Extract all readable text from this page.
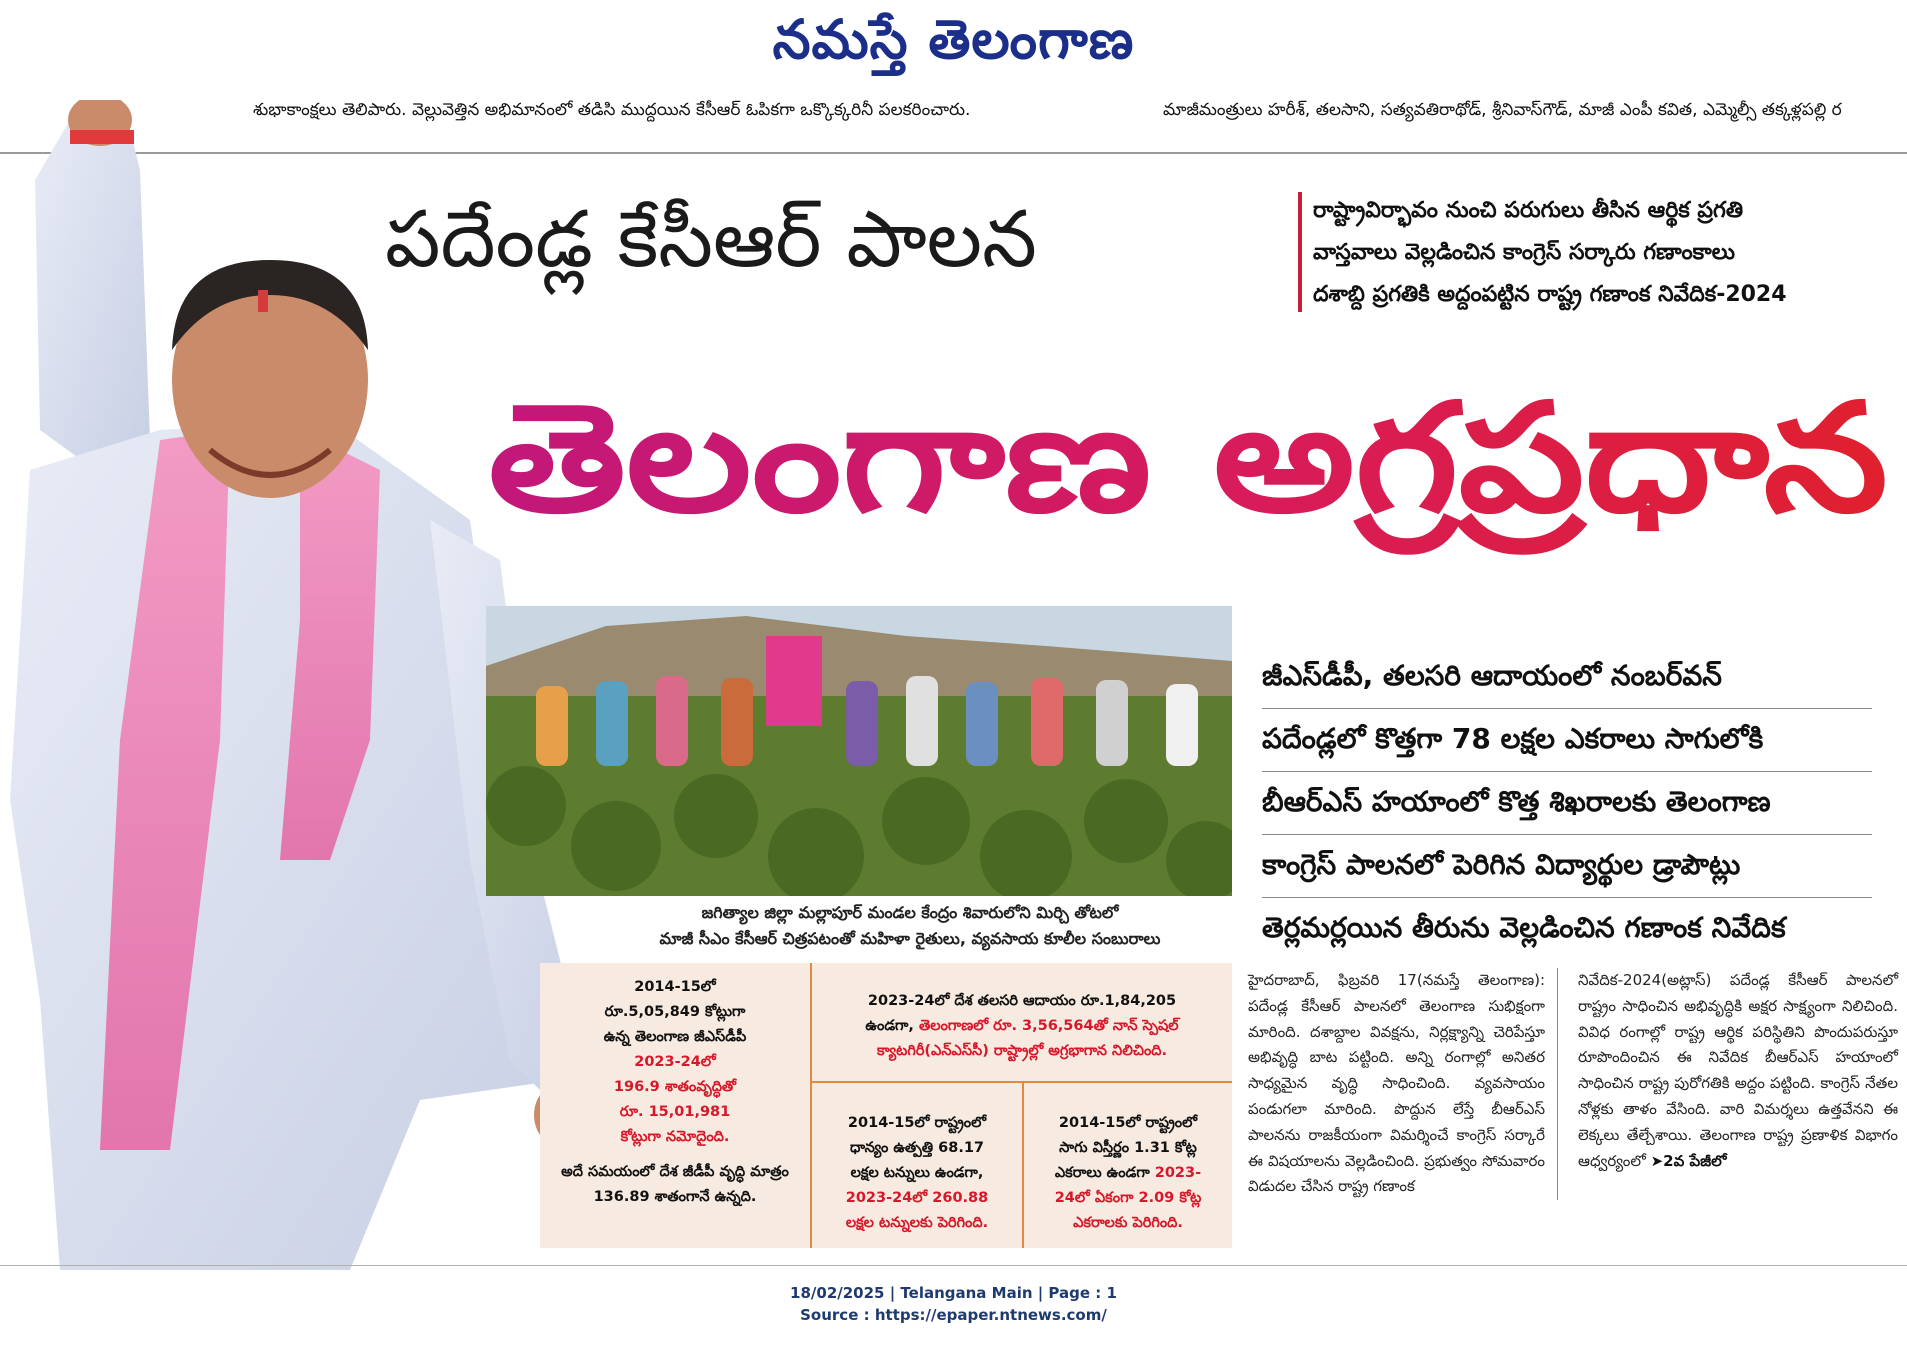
నమస్తే తెలంగాణ
శుభాకాంక్షలు తెలిపారు. వెల్లువెత్తిన అభిమానంలో తడిసి ముద్దయిన కేసీఆర్ ఓపికగా ఒక్కొక్కరినీ పలకరించారు.	మాజీమంత్రులు హరీశ్, తలసాని, సత్యవతిరాథోడ్, శ్రీనివాస్‌గౌడ్, మాజీ ఎంపీ కవిత, ఎమ్మెల్సీ తక్కళ్లపల్లి ర
పదేండ్ల కేసీఆర్ పాలన	రాష్ట్రావిర్భావం నుంచి పరుగులు తీసిన ఆర్థిక ప్రగతి
వాస్తవాలు వెల్లడించిన కాంగ్రెస్ సర్కారు గణాంకాలు
దశాబ్ది ప్రగతికి అద్దంపట్టిన రాష్ట్ర గణాంక నివేదిక-2024
తెలంగాణ అగ్రప్రధాన
జగిత్యాల జిల్లా మల్లాపూర్ మండల కేంద్రం శివారులోని మిర్చి తోటలో
మాజీ సీఎం కేసీఆర్ చిత్రపటంతో మహిళా రైతులు, వ్యవసాయ కూలీల సంబురాలు
జీఎస్‌డీపీ, తలసరి ఆదాయంలో నంబర్‌వన్
పదేండ్లలో కొత్తగా 78 లక్షల ఎకరాలు సాగులోకి
బీఆర్‌ఎస్ హయాంలో కొత్త శిఖరాలకు తెలంగాణ
కాంగ్రెస్ పాలనలో పెరిగిన విద్యార్థుల డ్రాపౌట్లు
తెర్లమర్లయిన తీరును వెల్లడించిన గణాంక నివేదిక
2014-15లో
రూ.5,05,849 కోట్లుగా
ఉన్న తెలంగాణ జీఎస్‌డీపీ
2023-24లో
196.9 శాతంవృద్ధితో
రూ. 15,01,981
కోట్లుగా నమోదైంది.
అదే సమయంలో దేశ జీడీపీ వృద్ధి మాత్రం
136.89 శాతంగానే ఉన్నది.
2023-24లో దేశ తలసరి ఆదాయం రూ.1,84,205
ఉండగా, తెలంగాణలో రూ. 3,56,564తో నాన్ స్పెషల్
క్యాటగిరీ(ఎన్‌ఎస్‌సీ) రాష్ట్రాల్లో అగ్రభాగాన నిలిచింది.
2014-15లో రాష్ట్రంలో
ధాన్యం ఉత్పత్తి 68.17
లక్షల టన్నులు ఉండగా,
2023-24లో 260.88
లక్షల టన్నులకు పెరిగింది.
2014-15లో రాష్ట్రంలో
సాగు విస్తీర్ణం 1.31 కోట్ల
ఎకరాలు ఉండగా 2023-
24లో ఏకంగా 2.09 కోట్ల
ఎకరాలకు పెరిగింది.

హైదరాబాద్, ఫిబ్రవరి 17(నమస్తే తెలంగాణ): పదేండ్ల కేసీఆర్ పాలనలో తెలంగాణ సుభిక్షంగా మారింది. దశాబ్దాల వివక్షను, నిర్లక్ష్యాన్ని చెరిపేస్తూ అభివృద్ధి బాట పట్టింది. అన్ని రంగాల్లో అనితర సాధ్యమైన వృద్ధి సాధించింది. వ్యవసాయం పండుగలా మారింది. పొద్దున లేస్తే బీఆర్‌ఎస్ పాలనను రాజకీయంగా విమర్శించే కాంగ్రెస్ సర్కారే ఈ విషయాలను వెల్లడించింది. ప్రభుత్వం సోమవారం విడుదల చేసిన రాష్ట్ర గణాంక

నివేదిక-2024(అట్లాస్) పదేండ్ల కేసీఆర్ పాలనలో రాష్ట్రం సాధించిన అభివృద్ధికి అక్షర సాక్ష్యంగా నిలిచింది. వివిధ రంగాల్లో రాష్ట్ర ఆర్థిక పరిస్థితిని పొందుపరుస్తూ రూపొందించిన ఈ నివేదిక బీఆర్‌ఎస్ హయాంలో సాధించిన రాష్ట్ర పురోగతికి అద్దం పట్టింది. కాంగ్రెస్ నేతల నోళ్లకు తాళం వేసింది. వారి విమర్శలు ఉత్తవేనని ఈ లెక్కలు తేల్చేశాయి. తెలంగాణ రాష్ట్ర ప్రణాళిక విభాగం ఆధ్వర్యంలో ➤2వ పేజీలో

18/02/2025 | Telangana Main | Page : 1
Source : https://epaper.ntnews.com/
